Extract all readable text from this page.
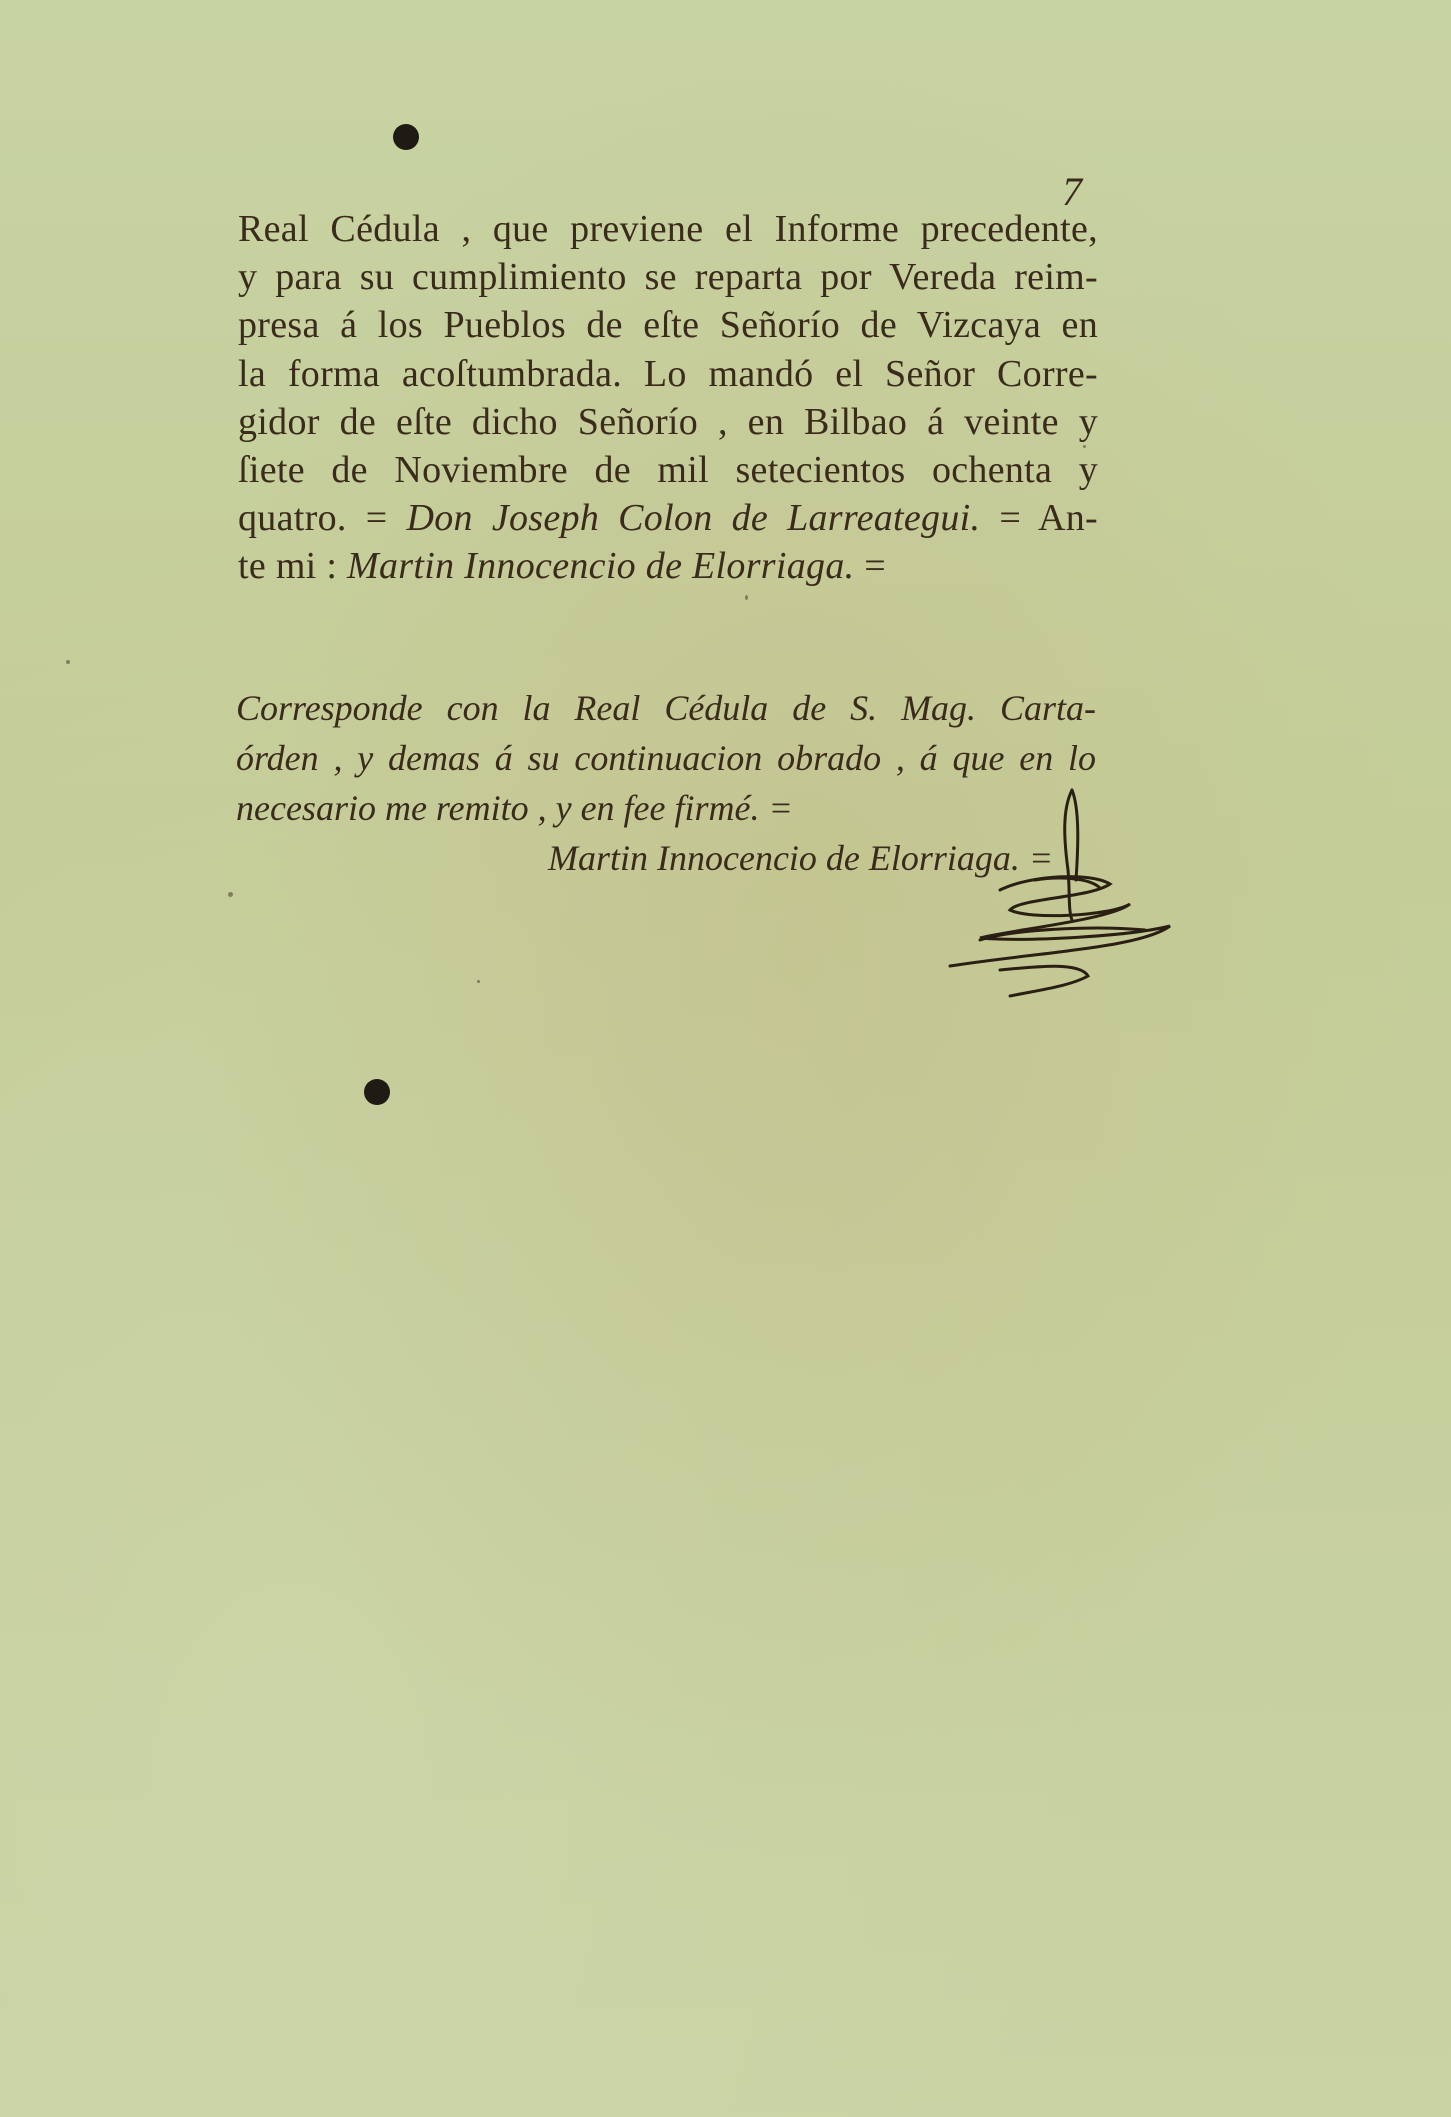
7
Real Cédula , que previene el Informe precedente,
y para su cumplimiento se reparta por Vereda reim-
presa á los Pueblos de eſte Señorío de Vizcaya en
la forma acoſtumbrada. Lo mandó el Señor Corre-
gidor de eſte dicho Señorío , en Bilbao á veinte y
ſiete de Noviembre de mil setecientos ochenta y
quatro. = Don Joseph Colon de Larreategui. = An-
te mi : Martin Innocencio de Elorriaga. =
Corresponde con la Real Cédula de S. Mag. Carta-
órden , y demas á su continuacion obrado , á que en lo
necesario me remito , y en fee firmé. =
Martin Innocencio de Elorriaga. =
